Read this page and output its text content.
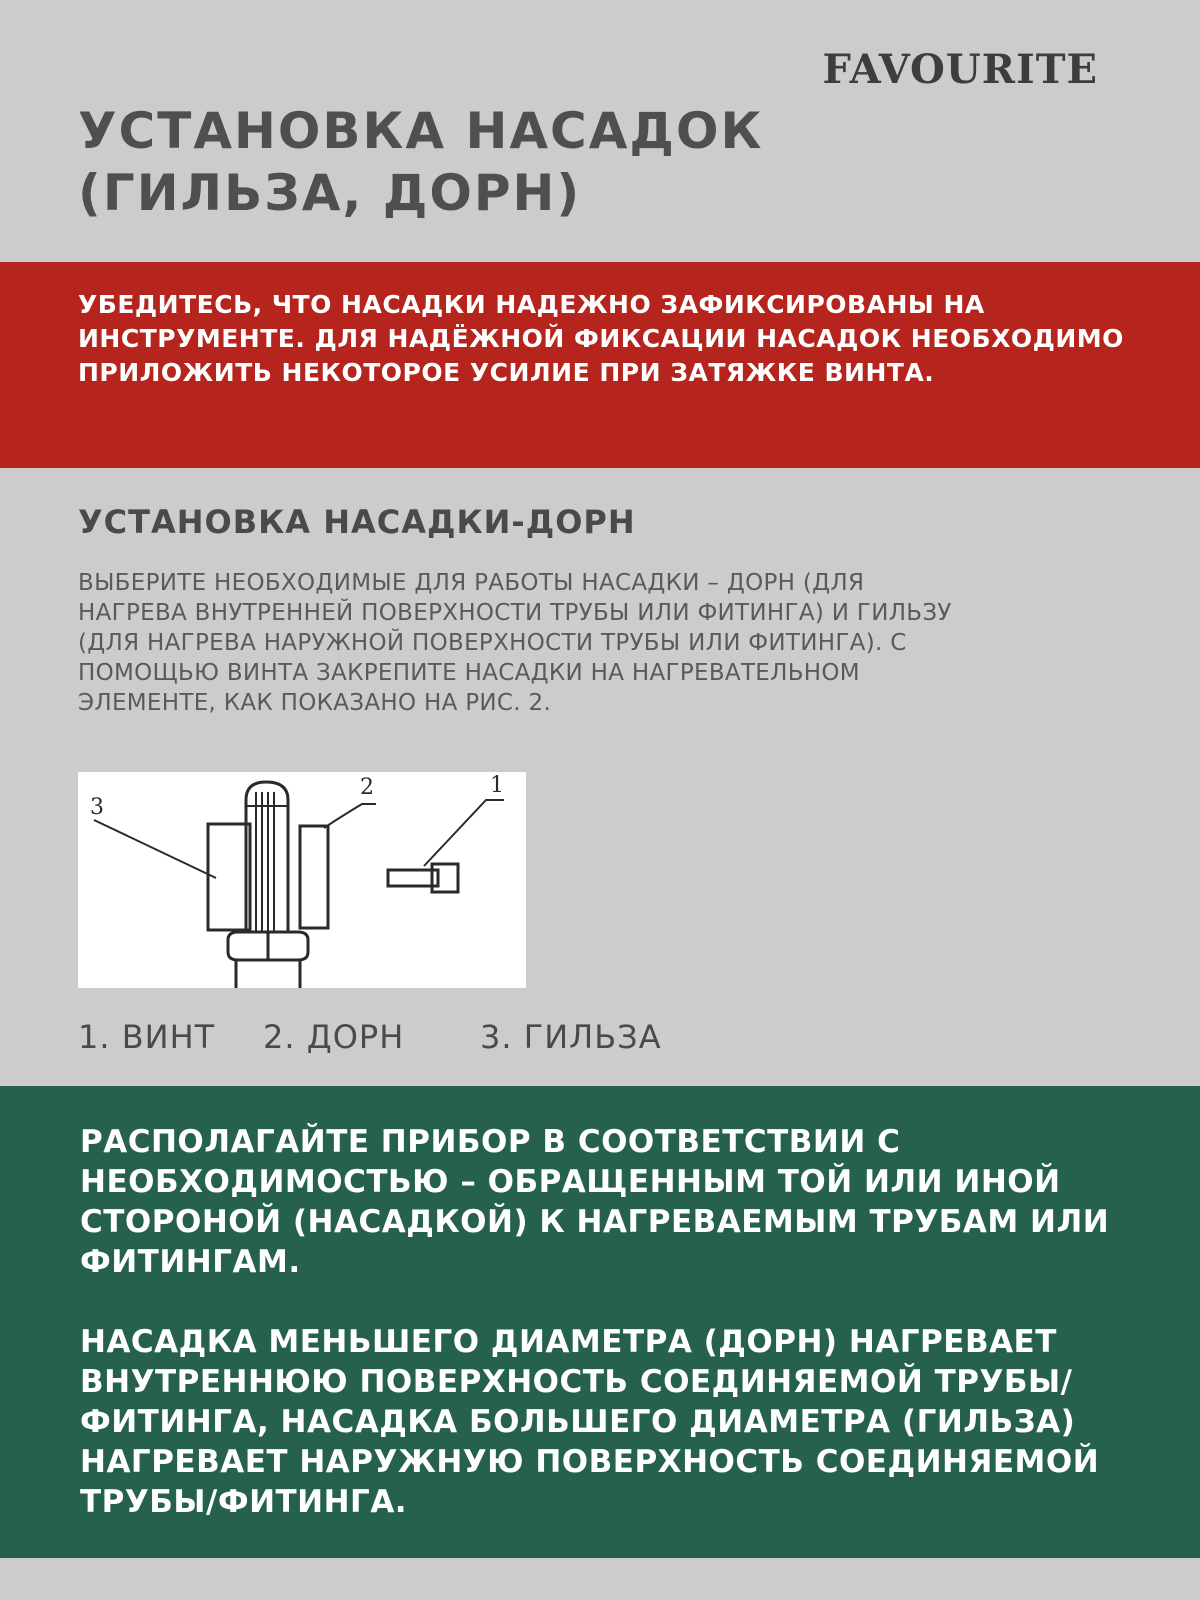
FAVOURITE
УСТАНОВКА НАСАДОК
(ГИЛЬЗА, ДОРН)

УБЕДИТЕСЬ, ЧТО НАСАДКИ НАДЕЖНО ЗАФИКСИРОВАНЫ НА ИНСТРУМЕНТЕ. ДЛЯ НАДЁЖНОЙ ФИКСАЦИИ НАСАДОК НЕОБХОДИМО ПРИЛОЖИТЬ НЕКОТОРОЕ УСИЛИЕ ПРИ ЗАТЯЖКЕ ВИНТА.

УСТАНОВКА НАСАДКИ-ДОРН

ВЫБЕРИТЕ НЕОБХОДИМЫЕ ДЛЯ РАБОТЫ НАСАДКИ – ДОРН (ДЛЯ НАГРЕВА ВНУТРЕННЕЙ ПОВЕРХНОСТИ ТРУБЫ ИЛИ ФИТИНГА) И ГИЛЬЗУ (ДЛЯ НАГРЕВА НАРУЖНОЙ ПОВЕРХНОСТИ ТРУБЫ ИЛИ ФИТИНГА). С ПОМОЩЬЮ ВИНТА ЗАКРЕПИТЕ НАСАДКИ НА НАГРЕВАТЕЛЬНОМ ЭЛЕМЕНТЕ, КАК ПОКАЗАНО НА РИС. 2.

3
2	1
1. ВИНТ 2. ДОРН 3. ГИЛЬЗА

РАСПОЛАГАЙТЕ ПРИБОР В СООТВЕТСТВИИ С НЕОБХОДИМОСТЬЮ – ОБРАЩЕННЫМ ТОЙ ИЛИ ИНОЙ СТОРОНОЙ (НАСАДКОЙ) К НАГРЕВАЕМЫМ ТРУБАМ ИЛИ ФИТИНГАМ.

НАСАДКА МЕНЬШЕГО ДИАМЕТРА (ДОРН) НАГРЕВАЕТ ВНУТРЕННЮЮ ПОВЕРХНОСТЬ СОЕДИНЯЕМОЙ ТРУБЫ/ФИТИНГА, НАСАДКА БОЛЬШЕГО ДИАМЕТРА (ГИЛЬЗА) НАГРЕВАЕТ НАРУЖНУЮ ПОВЕРХНОСТЬ СОЕДИНЯЕМОЙ ТРУБЫ/ФИТИНГА.
